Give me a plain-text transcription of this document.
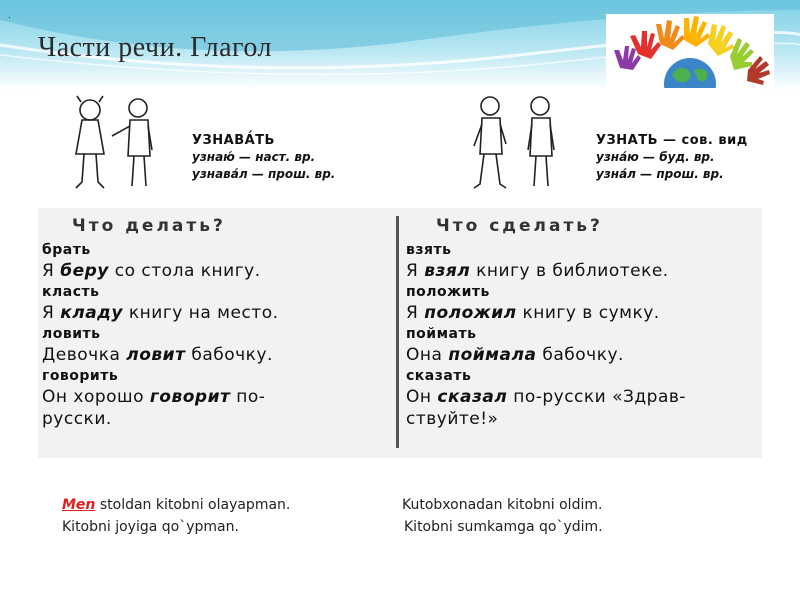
.
Части речи. Глагол
УЗНАВА́ТЬ
узнаю́ — наст. вр.
узнава́л — прош. вр.
УЗНАТЬ — сов. вид
узна́ю — буд. вр.
узна́л — прош. вр.
Что делать?
брать
Я беру со стола книгу.
класть
Я кладу книгу на место.
ловить
Девочка ловит бабочку.
говорить
Он хорошо говорит по-
русски.
Что сделать?
взять
Я взял книгу в библиотеке.
положить
Я положил книгу в сумку.
поймать
Она поймала бабочку.
сказать
Он сказал по-русски «Здрав-
ствуйте!»
Men stoldan kitobni olayapman.
Kitobni joyiga qo`ypman.
Kutobxonadan kitobni oldim.
Kitobni sumkamga qo`ydim.
